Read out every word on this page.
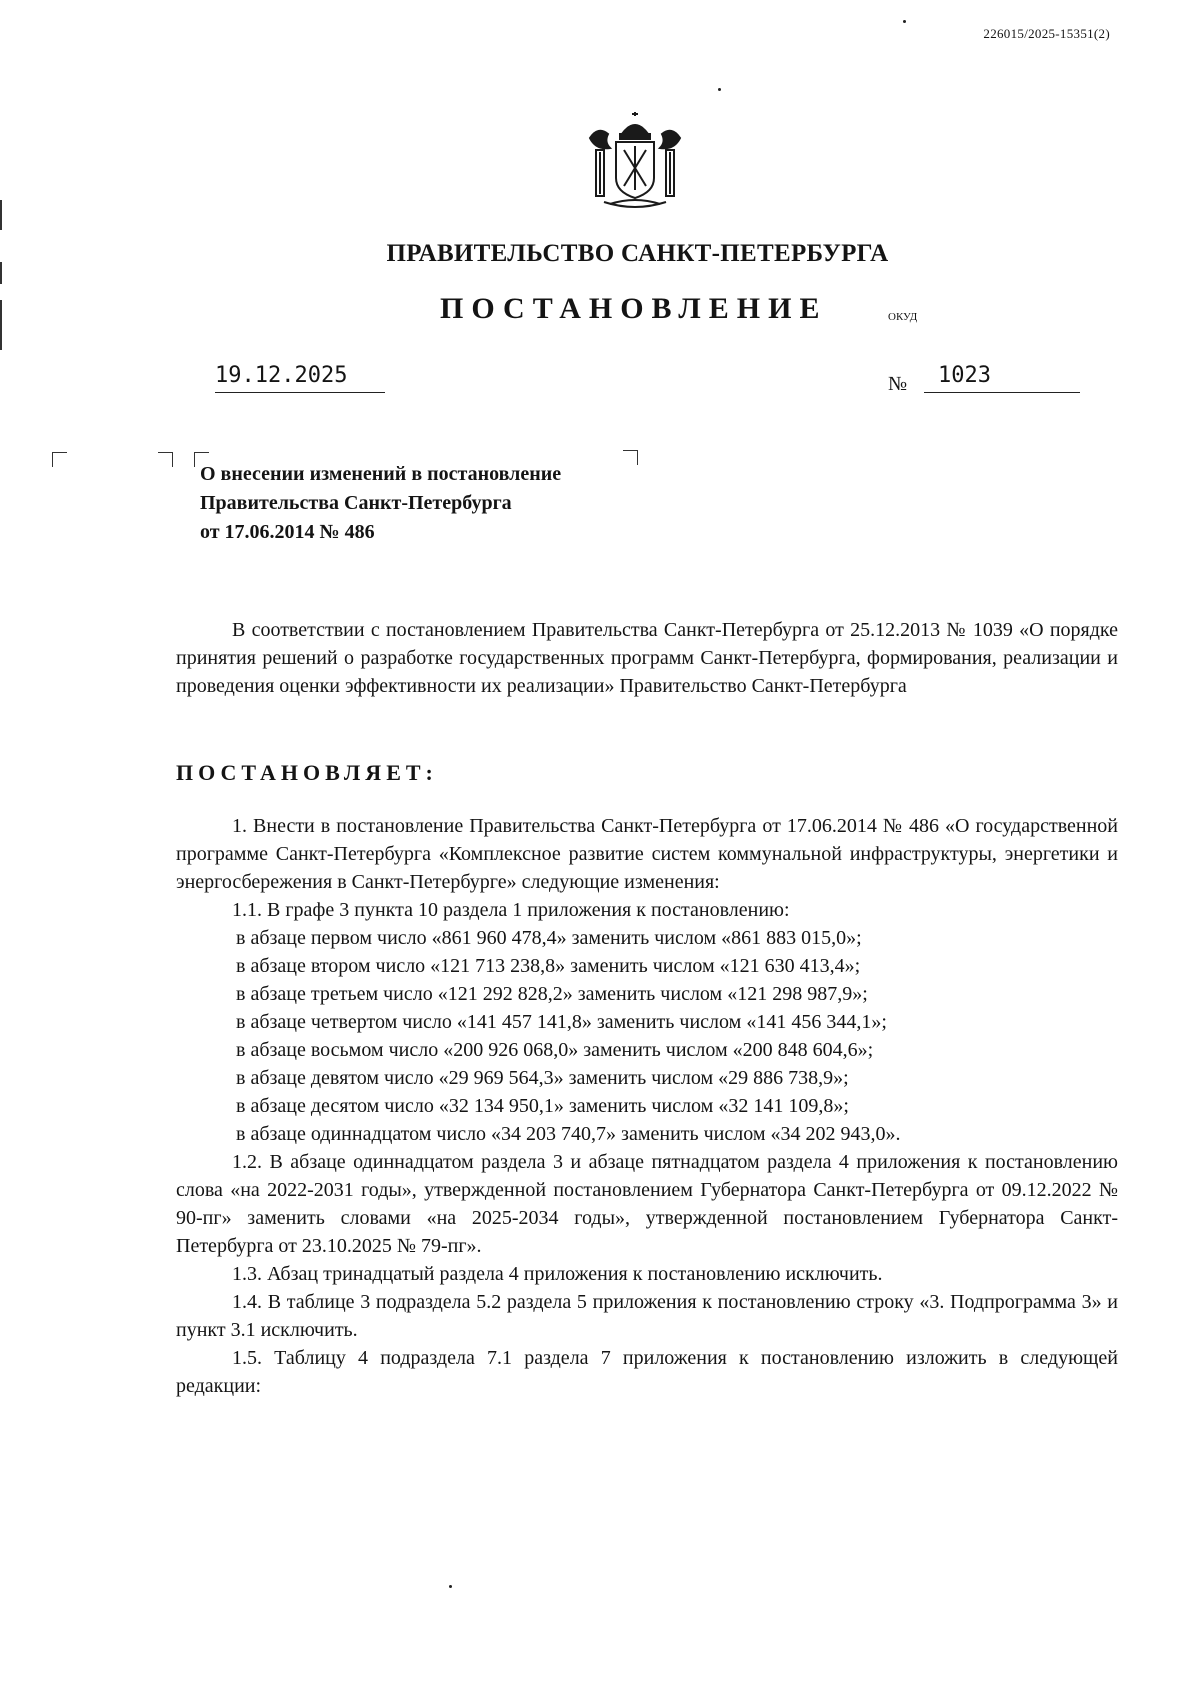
226015/2025-15351(2)
ПРАВИТЕЛЬСТВО САНКТ-ПЕТЕРБУРГА
ПОСТАНОВЛЕНИЕ	ОКУД
19.12.2025	№	1023
О внесении изменений в постановление
Правительства Санкт-Петербурга
от 17.06.2014 № 486
В соответствии с постановлением Правительства Санкт-Петербурга от 25.12.2013 № 1039 «О порядке принятия решений о разработке государственных программ Санкт-Петербурга, формирования, реализации и проведения оценки эффективности их реализации» Правительство Санкт-Петербурга
ПОСТАНОВЛЯЕТ:

1. Внести в постановление Правительства Санкт-Петербурга от 17.06.2014 № 486 «О государственной программе Санкт-Петербурга «Комплексное развитие систем коммунальной инфраструктуры, энергетики и энергосбережения в Санкт-Петербурге» следующие изменения:

1.1. В графе 3 пункта 10 раздела 1 приложения к постановлению:

в абзаце первом число «861 960 478,4» заменить числом «861 883 015,0»;

в абзаце втором число «121 713 238,8» заменить числом «121 630 413,4»;

в абзаце третьем число «121 292 828,2» заменить числом «121 298 987,9»;

в абзаце четвертом число «141 457 141,8» заменить числом «141 456 344,1»;

в абзаце восьмом число «200 926 068,0» заменить числом «200 848 604,6»;

в абзаце девятом число «29 969 564,3» заменить числом «29 886 738,9»;

в абзаце десятом число «32 134 950,1» заменить числом «32 141 109,8»;

в абзаце одиннадцатом число «34 203 740,7» заменить числом «34 202 943,0».

1.2. В абзаце одиннадцатом раздела 3 и абзаце пятнадцатом раздела 4 приложения к постановлению слова «на 2022-2031 годы», утвержденной постановлением Губернатора Санкт-Петербурга от 09.12.2022 № 90-пг» заменить словами «на 2025-2034 годы», утвержденной постановлением Губернатора Санкт-Петербурга от 23.10.2025 № 79-пг».

1.3. Абзац тринадцатый раздела 4 приложения к постановлению исключить.

1.4. В таблице 3 подраздела 5.2 раздела 5 приложения к постановлению строку «3. Подпрограмма 3» и пункт 3.1 исключить.

1.5. Таблицу 4 подраздела 7.1 раздела 7 приложения к постановлению изложить в следующей редакции:
